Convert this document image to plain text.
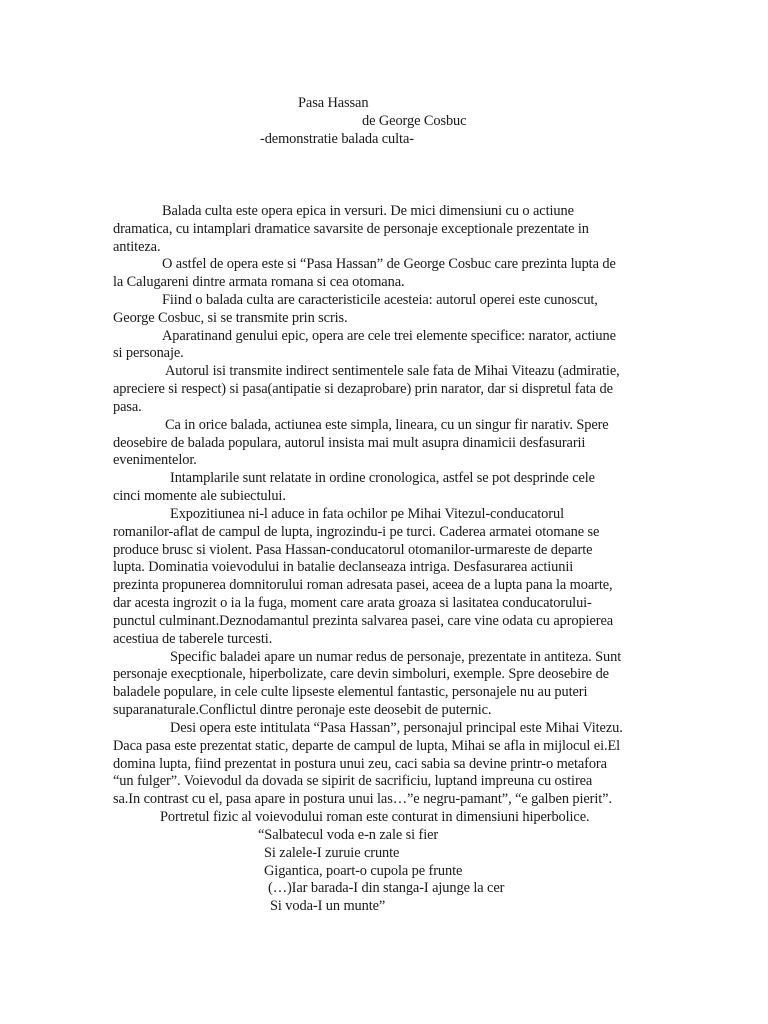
Pasa Hassan
de George Cosbuc
-demonstratie balada culta-
Balada culta este opera epica in versuri. De mici dimensiuni cu o actiune
dramatica, cu intamplari dramatice savarsite de personaje exceptionale prezentate in
antiteza.
O astfel de opera este si “Pasa Hassan” de George Cosbuc care prezinta lupta de
la Calugareni dintre armata romana si cea otomana.
Fiind o balada culta are caracteristicile acesteia: autorul operei este cunoscut,
George Cosbuc, si se transmite prin scris.
Aparatinand genului epic, opera are cele trei elemente specifice: narator, actiune
si personaje.
Autorul isi transmite indirect sentimentele sale fata de Mihai Viteazu (admiratie,
apreciere si respect) si pasa(antipatie si dezaprobare) prin narator, dar si dispretul fata de
pasa.
Ca in orice balada, actiunea este simpla, lineara, cu un singur fir narativ. Spere
deosebire de balada populara, autorul insista mai mult asupra dinamicii desfasurarii
evenimentelor.
Intamplarile sunt relatate in ordine cronologica, astfel se pot desprinde cele
cinci momente ale subiectului.
Expozitiunea ni-l aduce in fata ochilor pe Mihai Vitezul-conducatorul
romanilor-aflat de campul de lupta, ingrozindu-i pe turci. Caderea armatei otomane se
produce brusc si violent. Pasa Hassan-conducatorul otomanilor-urmareste de departe
lupta. Dominatia voievodului in batalie declanseaza intriga. Desfasurarea actiunii
prezinta propunerea domnitorului roman adresata pasei, aceea de a lupta pana la moarte,
dar acesta ingrozit o ia la fuga, moment care arata groaza si lasitatea conducatorului-
punctul culminant.Deznodamantul prezinta salvarea pasei, care vine odata cu apropierea
acestiua de taberele turcesti.
Specific baladei apare un numar redus de personaje, prezentate in antiteza. Sunt
personaje execptionale, hiperbolizate, care devin simboluri, exemple. Spre deosebire de
baladele populare, in cele culte lipseste elementul fantastic, personajele nu au puteri
suparanaturale.Conflictul dintre peronaje este deosebit de puternic.
Desi opera este intitulata “Pasa Hassan”, personajul principal este Mihai Vitezu.
Daca pasa este prezentat static, departe de campul de lupta, Mihai se afla in mijlocul ei.El
domina lupta, fiind prezentat in postura unui zeu, caci sabia sa devine printr-o metafora
“un fulger”. Voievodul da dovada se sipirit de sacrificiu, luptand impreuna cu ostirea
sa.In contrast cu el, pasa apare in postura unui las…”e negru-pamant”, “e galben pierit”.
Portretul fizic al voievodului roman este conturat in dimensiuni hiperbolice.
“Salbatecul voda e-n zale si fier
Si zalele-I zuruie crunte
Gigantica, poart-o cupola pe frunte
(…)Iar barada-I din stanga-I ajunge la cer
Si voda-I un munte”
